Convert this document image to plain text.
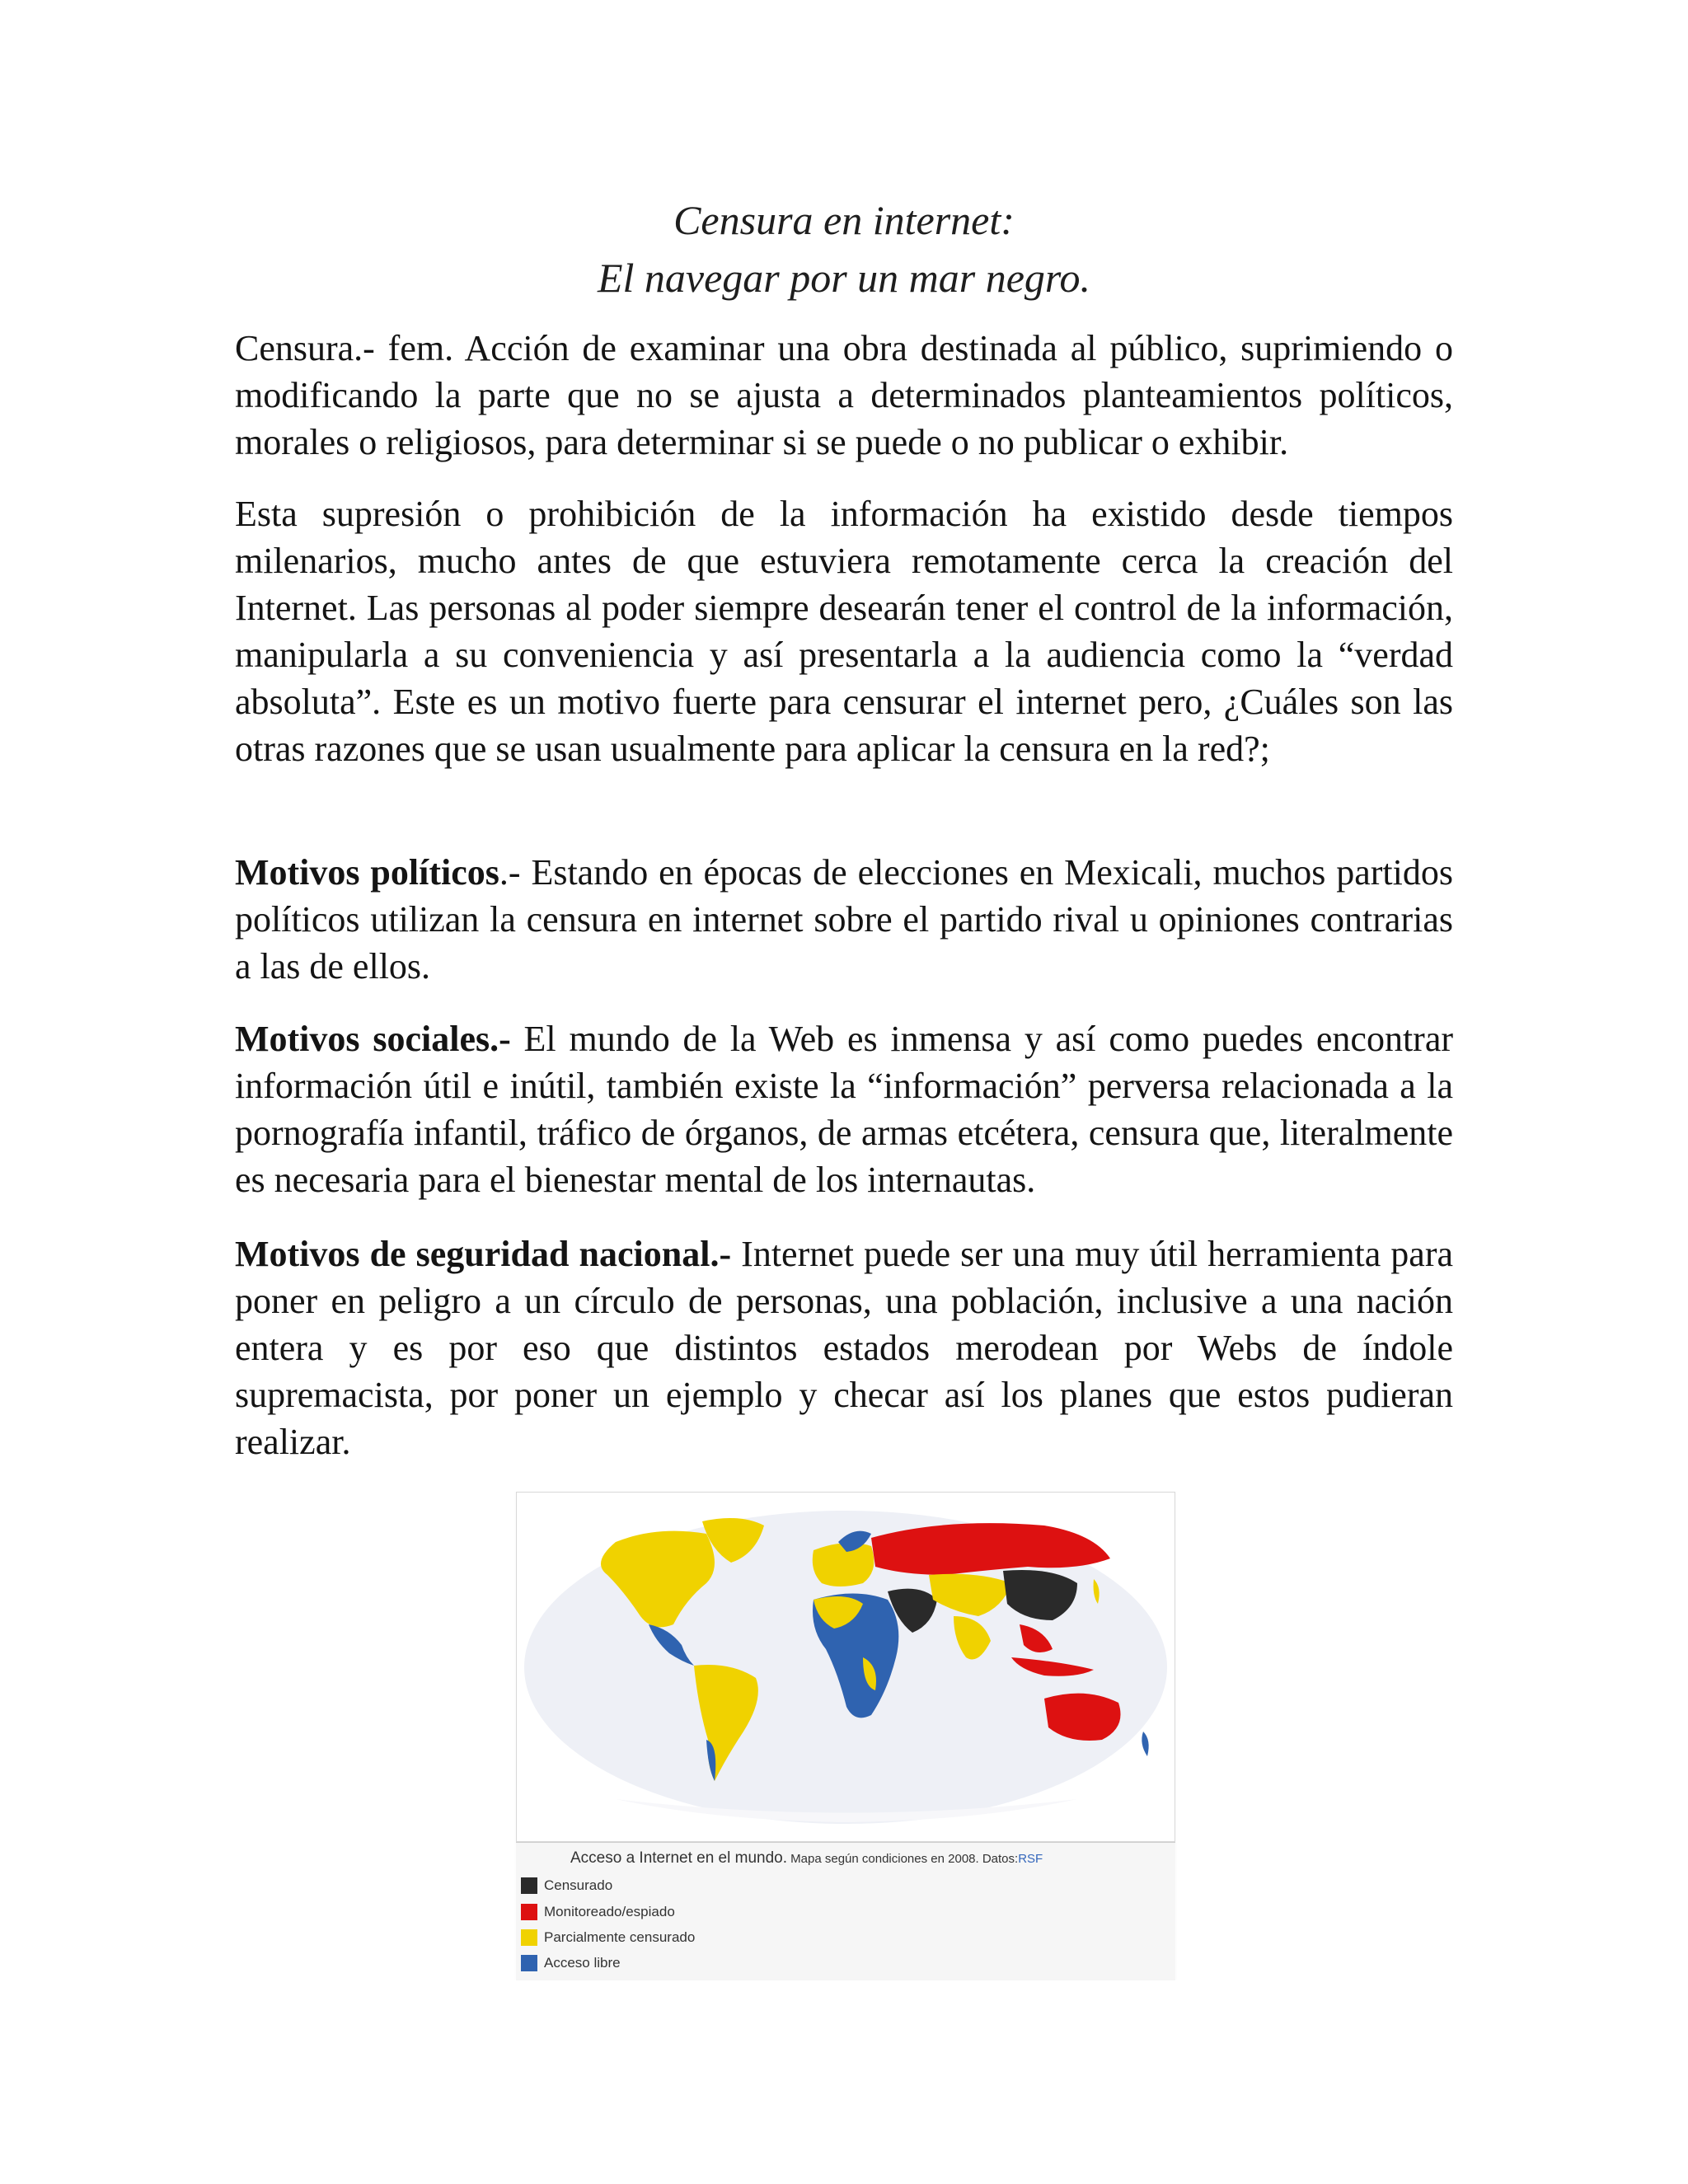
Censura en internet:
El navegar por un mar negro.

Censura.- fem. Acción de examinar una obra destinada al público, suprimiendo o modificando la parte que no se ajusta a determinados planteamientos políticos, morales o religiosos, para determinar si se puede o no publicar o exhibir.

Esta supresión o prohibición de la información ha existido desde tiempos milenarios, mucho antes de que estuviera remotamente cerca la creación del Internet. Las personas al poder siempre desearán tener el control de la información, manipularla a su conveniencia y así presentarla a la audiencia como la “verdad absoluta”. Este es un motivo fuerte para censurar el internet pero, ¿Cuáles son las otras razones que se usan usualmente para aplicar la censura en la red?;

Motivos políticos.- Estando en épocas de elecciones en Mexicali, muchos partidos políticos utilizan la censura en internet sobre el partido rival u opiniones contrarias a las de ellos.

Motivos sociales.- El mundo de la Web es inmensa y así como puedes encontrar información útil e inútil, también existe la “información” perversa relacionada a la pornografía infantil, tráfico de órganos, de armas etcétera, censura que, literalmente es necesaria para el bienestar mental de los internautas.

Motivos de seguridad nacional.- Internet puede ser una muy útil herramienta para poner en peligro a un círculo de personas, una población, inclusive a una nación entera y es por eso que distintos estados merodean por Webs de índole supremacista, por poner un ejemplo y checar así los planes que estos pudieran realizar.

Acceso a Internet en el mundo. Mapa según condiciones en 2008. Datos:RSF
Censurado
Monitoreado/espiado
Parcialmente censurado
Acceso libre
